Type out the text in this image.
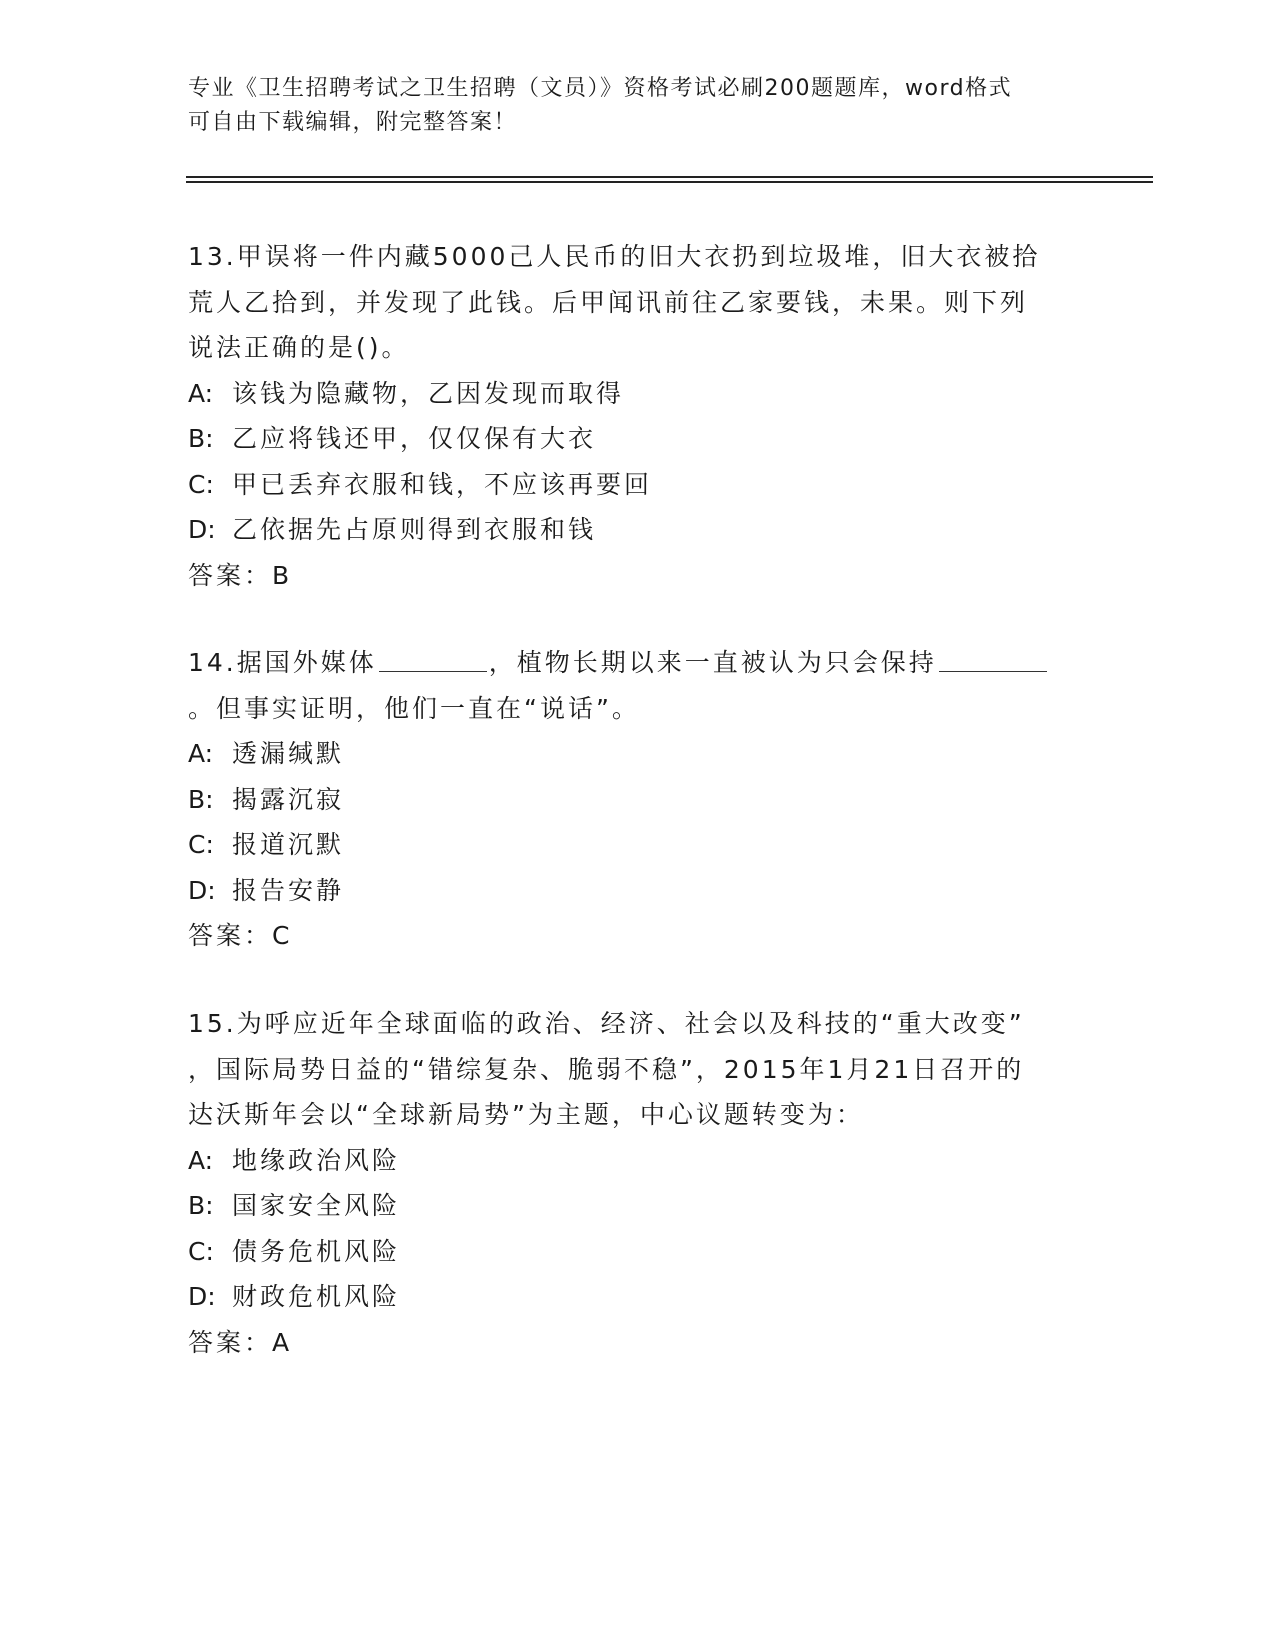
专业《卫生招聘考试之卫生招聘（文员）》资格考试必刷200题题库，word格式
可自由下载编辑，附完整答案！
13.甲误将一件内藏5000己人民币的旧大衣扔到垃圾堆，旧大衣被拾
荒人乙拾到，并发现了此钱。后甲闻讯前往乙家要钱，未果。则下列
说法正确的是()。
A: 该钱为隐藏物，乙因发现而取得
B: 乙应将钱还甲，仅仅保有大衣
C: 甲已丢弃衣服和钱，不应该再要回
D: 乙依据先占原则得到衣服和钱
答案：B
14.据国外媒体	，植物长期以来一直被认为只会保持
。但事实证明，他们一直在“说话”。
A: 透漏缄默
B: 揭露沉寂
C: 报道沉默
D: 报告安静
答案：C
15.为呼应近年全球面临的政治、经济、社会以及科技的“重大改变”
，国际局势日益的“错综复杂、脆弱不稳”，2015年1月21日召开的
达沃斯年会以“全球新局势”为主题，中心议题转变为：
A: 地缘政治风险
B: 国家安全风险
C: 债务危机风险
D: 财政危机风险
答案：A
